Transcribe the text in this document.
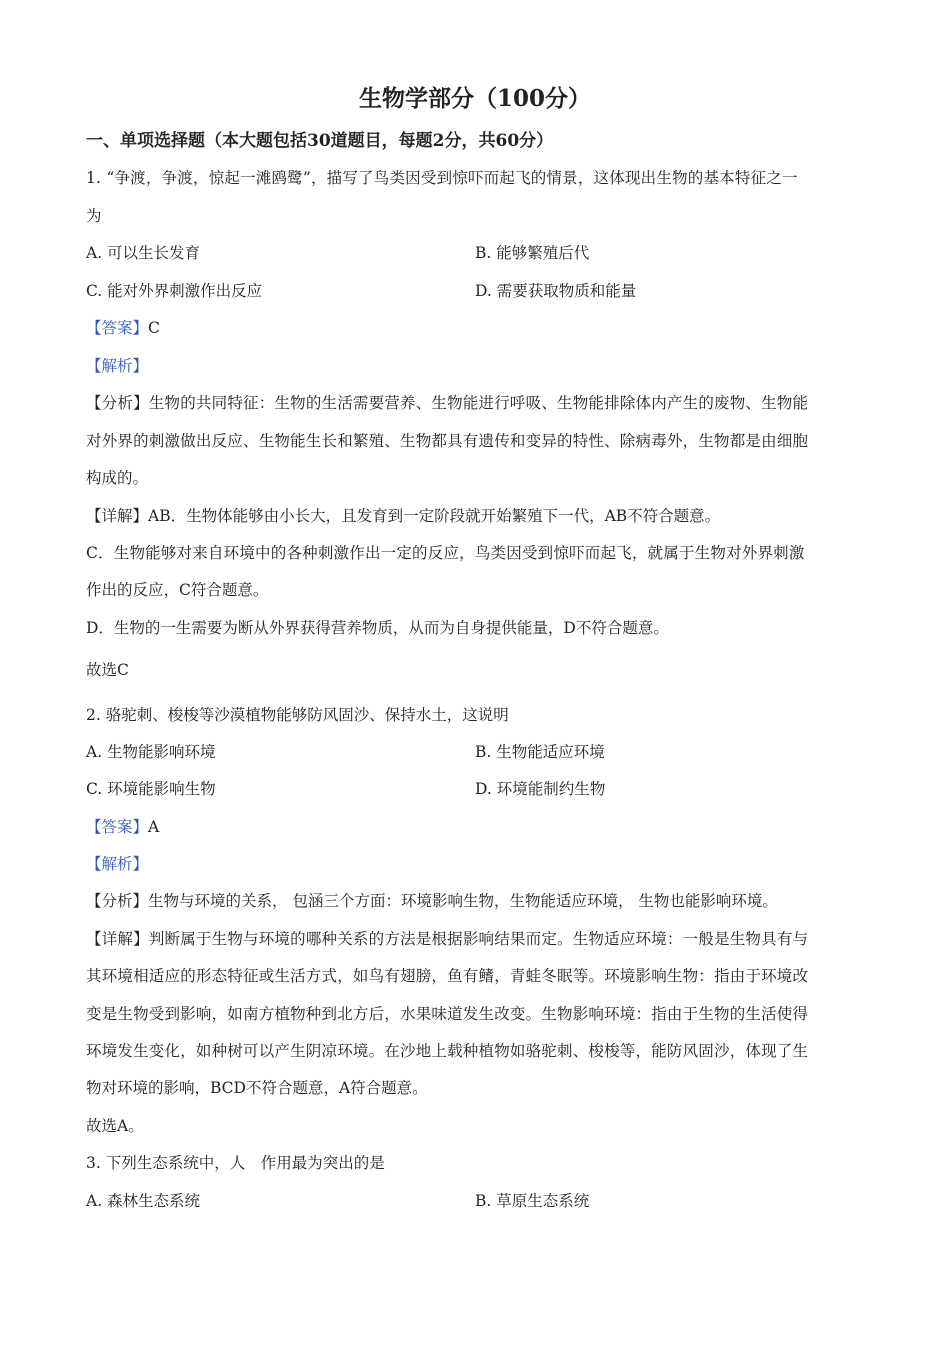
生物学部分（100分）
一、单项选择题（本大题包括30道题目，每题2分，共60分）
1. “争渡，争渡，惊起一滩鸥鹭”，描写了鸟类因受到惊吓而起飞的情景，这体现出生物的基本特征之一
为
A. 可以生长发育	B. 能够繁殖后代
C. 能对外界刺激作出反应	D. 需要获取物质和能量
【答案】C
【解析】
【分析】生物的共同特征：生物的生活需要营养、生物能进行呼吸、生物能排除体内产生的废物、生物能
对外界的刺激做出反应、生物能生长和繁殖、生物都具有遗传和变异的特性、除病毒外，生物都是由细胞
构成的。
【详解】AB．生物体能够由小长大，且发育到一定阶段就开始繁殖下一代，AB不符合题意。
C．生物能够对来自环境中的各种刺激作出一定的反应，鸟类因受到惊吓而起飞，就属于生物对外界刺激
作出的反应，C符合题意。
D．生物的一生需要为断从外界获得营养物质，从而为自身提供能量，D不符合题意。
故选C
2. 骆驼刺、梭梭等沙漠植物能够防风固沙、保持水土，这说明
A. 生物能影响环境	B. 生物能适应环境
C. 环境能影响生物	D. 环境能制约生物
【答案】A
【解析】
【分析】生物与环境的关系， 包涵三个方面：环境影响生物，生物能适应环境， 生物也能影响环境。
【详解】判断属于生物与环境的哪种关系的方法是根据影响结果而定。生物适应环境：一般是生物具有与
其环境相适应的形态特征或生活方式，如鸟有翅膀，鱼有鳍，青蛙冬眠等。环境影响生物：指由于环境改
变是生物受到影响，如南方植物种到北方后，水果味道发生改变。生物影响环境：指由于生物的生活使得
环境发生变化，如种树可以产生阴凉环境。在沙地上载种植物如骆驼刺、梭梭等，能防风固沙，体现了生
物对环境的影响，BCD不符合题意，A符合题意。
故选A。
3. 下列生态系统中，人　作用最为突出的是
A. 森林生态系统	B. 草原生态系统
